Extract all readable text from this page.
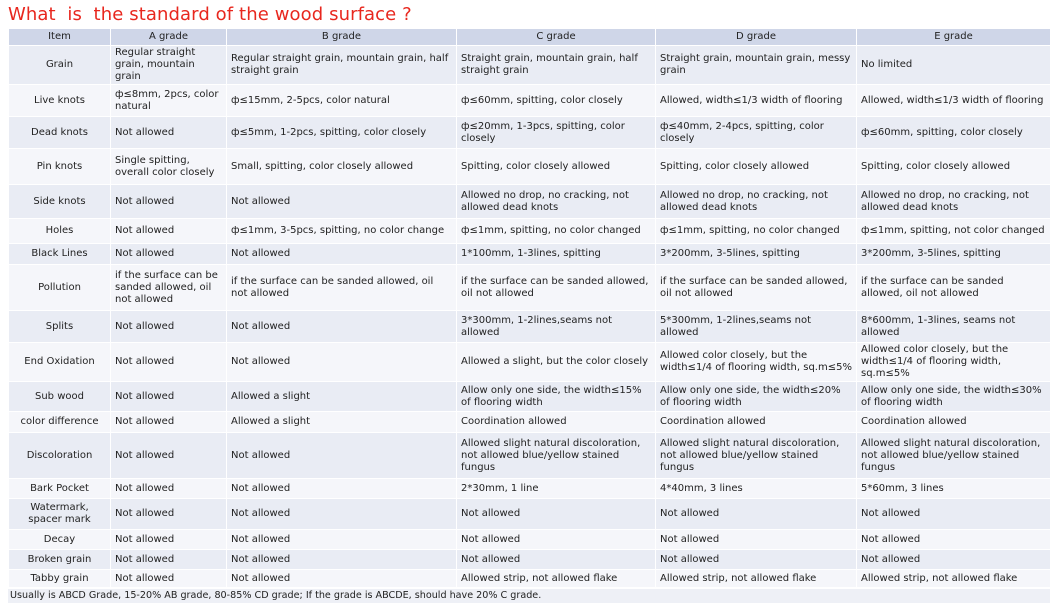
What  is  the standard of the wood surface ?
Item	A grade	B grade	C grade	D grade	E grade
Grain	Regular straight grain, mountain grain	Regular straight grain, mountain grain, half straight grain	Straight grain, mountain grain, half straight grain	Straight grain, mountain grain, messy grain	No limited
Live knots	ф≤8mm, 2pcs, color natural	ф≤15mm, 2-5pcs, color natural	ф≤60mm, spitting, color closely	Allowed, width≤1/3 width of flooring	Allowed, width≤1/3 width of flooring
Dead knots	Not allowed	ф≤5mm, 1-2pcs, spitting, color closely	ф≤20mm, 1-3pcs, spitting, color closely	ф≤40mm, 2-4pcs, spitting, color closely	ф≤60mm, spitting, color closely
Pin knots	Single spitting, overall color closely	Small, spitting, color closely allowed	Spitting, color closely allowed	Spitting, color closely allowed	Spitting, color closely allowed
Side knots	Not allowed	Not allowed	Allowed no drop, no cracking, not allowed dead knots	Allowed no drop, no cracking, not allowed dead knots	Allowed no drop, no cracking, not allowed dead knots
Holes	Not allowed	ф≤1mm, 3-5pcs, spitting, no color change	ф≤1mm, spitting, no color changed	ф≤1mm, spitting, no color changed	ф≤1mm, spitting, not color changed
Black Lines	Not allowed	Not allowed	1*100mm, 1-3lines, spitting	3*200mm, 3-5lines, spitting	3*200mm, 3-5lines, spitting
Pollution	if the surface can be sanded allowed, oil not allowed	if the surface can be sanded allowed, oil not allowed	if the surface can be sanded allowed, oil not allowed	if the surface can be sanded allowed, oil not allowed	if the surface can be sanded allowed, oil not allowed
Splits	Not allowed	Not allowed	3*300mm, 1-2lines,seams not allowed	5*300mm, 1-2lines,seams not allowed	8*600mm, 1-3lines, seams not allowed
End Oxidation	Not allowed	Not allowed	Allowed a slight, but the color closely	Allowed color closely, but the width≤1/4 of flooring width, sq.m≤5%	Allowed color closely, but the width≤1/4 of flooring width, sq.m≤5%
Sub wood	Not allowed	Allowed a slight	Allow only one side, the width≤15% of flooring width	Allow only one side, the width≤20% of flooring width	Allow only one side, the width≤30% of flooring width
color difference	Not allowed	Allowed a slight	Coordination allowed	Coordination allowed	Coordination allowed
Discoloration	Not allowed	Not allowed	Allowed slight natural discoloration, not allowed blue/yellow stained fungus	Allowed slight natural discoloration, not allowed blue/yellow stained fungus	Allowed slight natural discoloration, not allowed blue/yellow stained fungus
Bark Pocket	Not allowed	Not allowed	2*30mm, 1 line	4*40mm, 3 lines	5*60mm, 3 lines
Watermark, spacer mark	Not allowed	Not allowed	Not allowed	Not allowed	Not allowed
Decay	Not allowed	Not allowed	Not allowed	Not allowed	Not allowed
Broken grain	Not allowed	Not allowed	Not allowed	Not allowed	Not allowed
Tabby grain	Not allowed	Not allowed	Allowed strip, not allowed flake	Allowed strip, not allowed flake	Allowed strip, not allowed flake

Usually is ABCD Grade, 15-20% AB grade, 80-85% CD grade; If the grade is ABCDE, should have 20% C grade.
